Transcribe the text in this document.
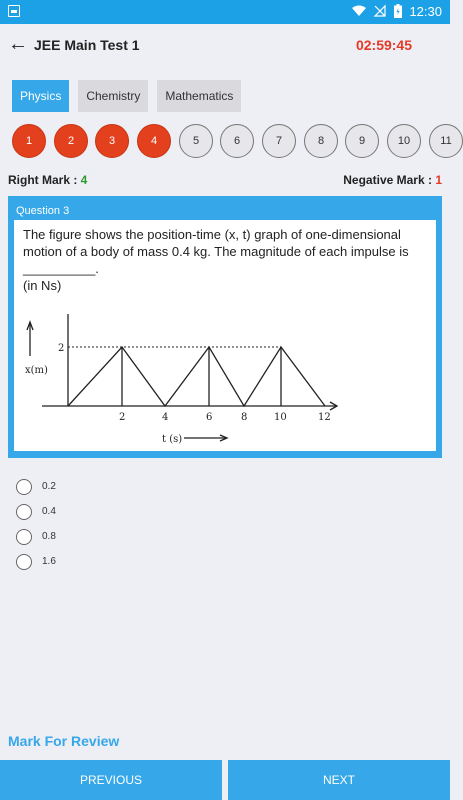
12:30
← JEE Main Test 1	02:59:45
Physics	Chemistry	Mathematics
1	2	3	4	5	6	7	8	9	10	11
Right Mark : 4	Negative Mark : 1
Question 3
The figure shows the position-time (x, t) graph of one-dimensional motion of a body of mass 0.4 kg. The magnitude of each impulse is __________.
(in Ns)
x(m)
2
2	4	6	8	10	12
t (s)
0.2
0.4
0.8
1.6
Mark For Review
PREVIOUS	NEXT
